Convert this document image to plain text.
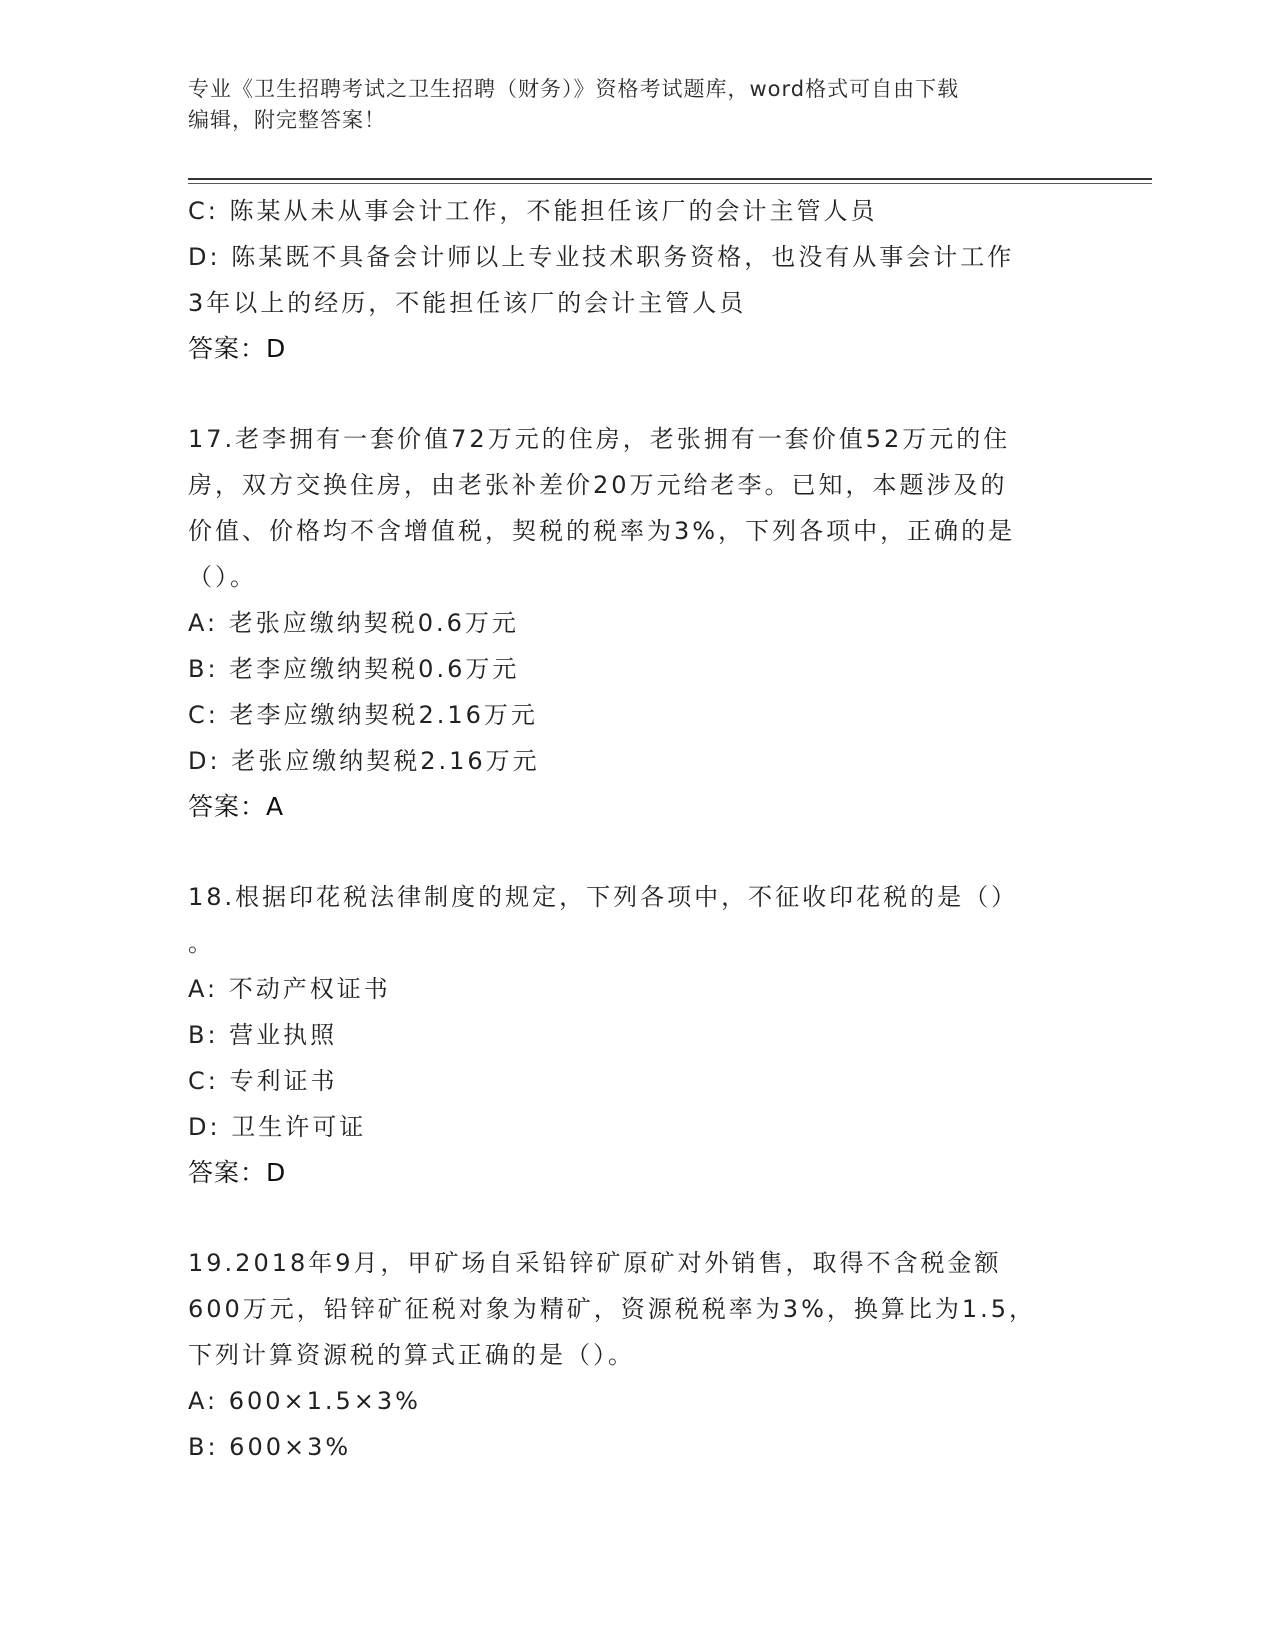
专业《卫生招聘考试之卫生招聘（财务）》资格考试题库，word格式可自由下载
编辑，附完整答案！
C: 陈某从未从事会计工作，不能担任该厂的会计主管人员
D: 陈某既不具备会计师以上专业技术职务资格，也没有从事会计工作
3年以上的经历，不能担任该厂的会计主管人员
答案：D
17.老李拥有一套价值72万元的住房，老张拥有一套价值52万元的住
房，双方交换住房，由老张补差价20万元给老李。已知，本题涉及的
价值、价格均不含增值税，契税的税率为3%，下列各项中，正确的是
（）。
A: 老张应缴纳契税0.6万元
B: 老李应缴纳契税0.6万元
C: 老李应缴纳契税2.16万元
D: 老张应缴纳契税2.16万元
答案：A
18.根据印花税法律制度的规定，下列各项中，不征收印花税的是（）
。
A: 不动产权证书
B: 营业执照
C: 专利证书
D: 卫生许可证
答案：D
19.2018年9月，甲矿场自采铅锌矿原矿对外销售，取得不含税金额
600万元，铅锌矿征税对象为精矿，资源税税率为3%，换算比为1.5，
下列计算资源税的算式正确的是（）。
A: 600×1.5×3%
B: 600×3%
